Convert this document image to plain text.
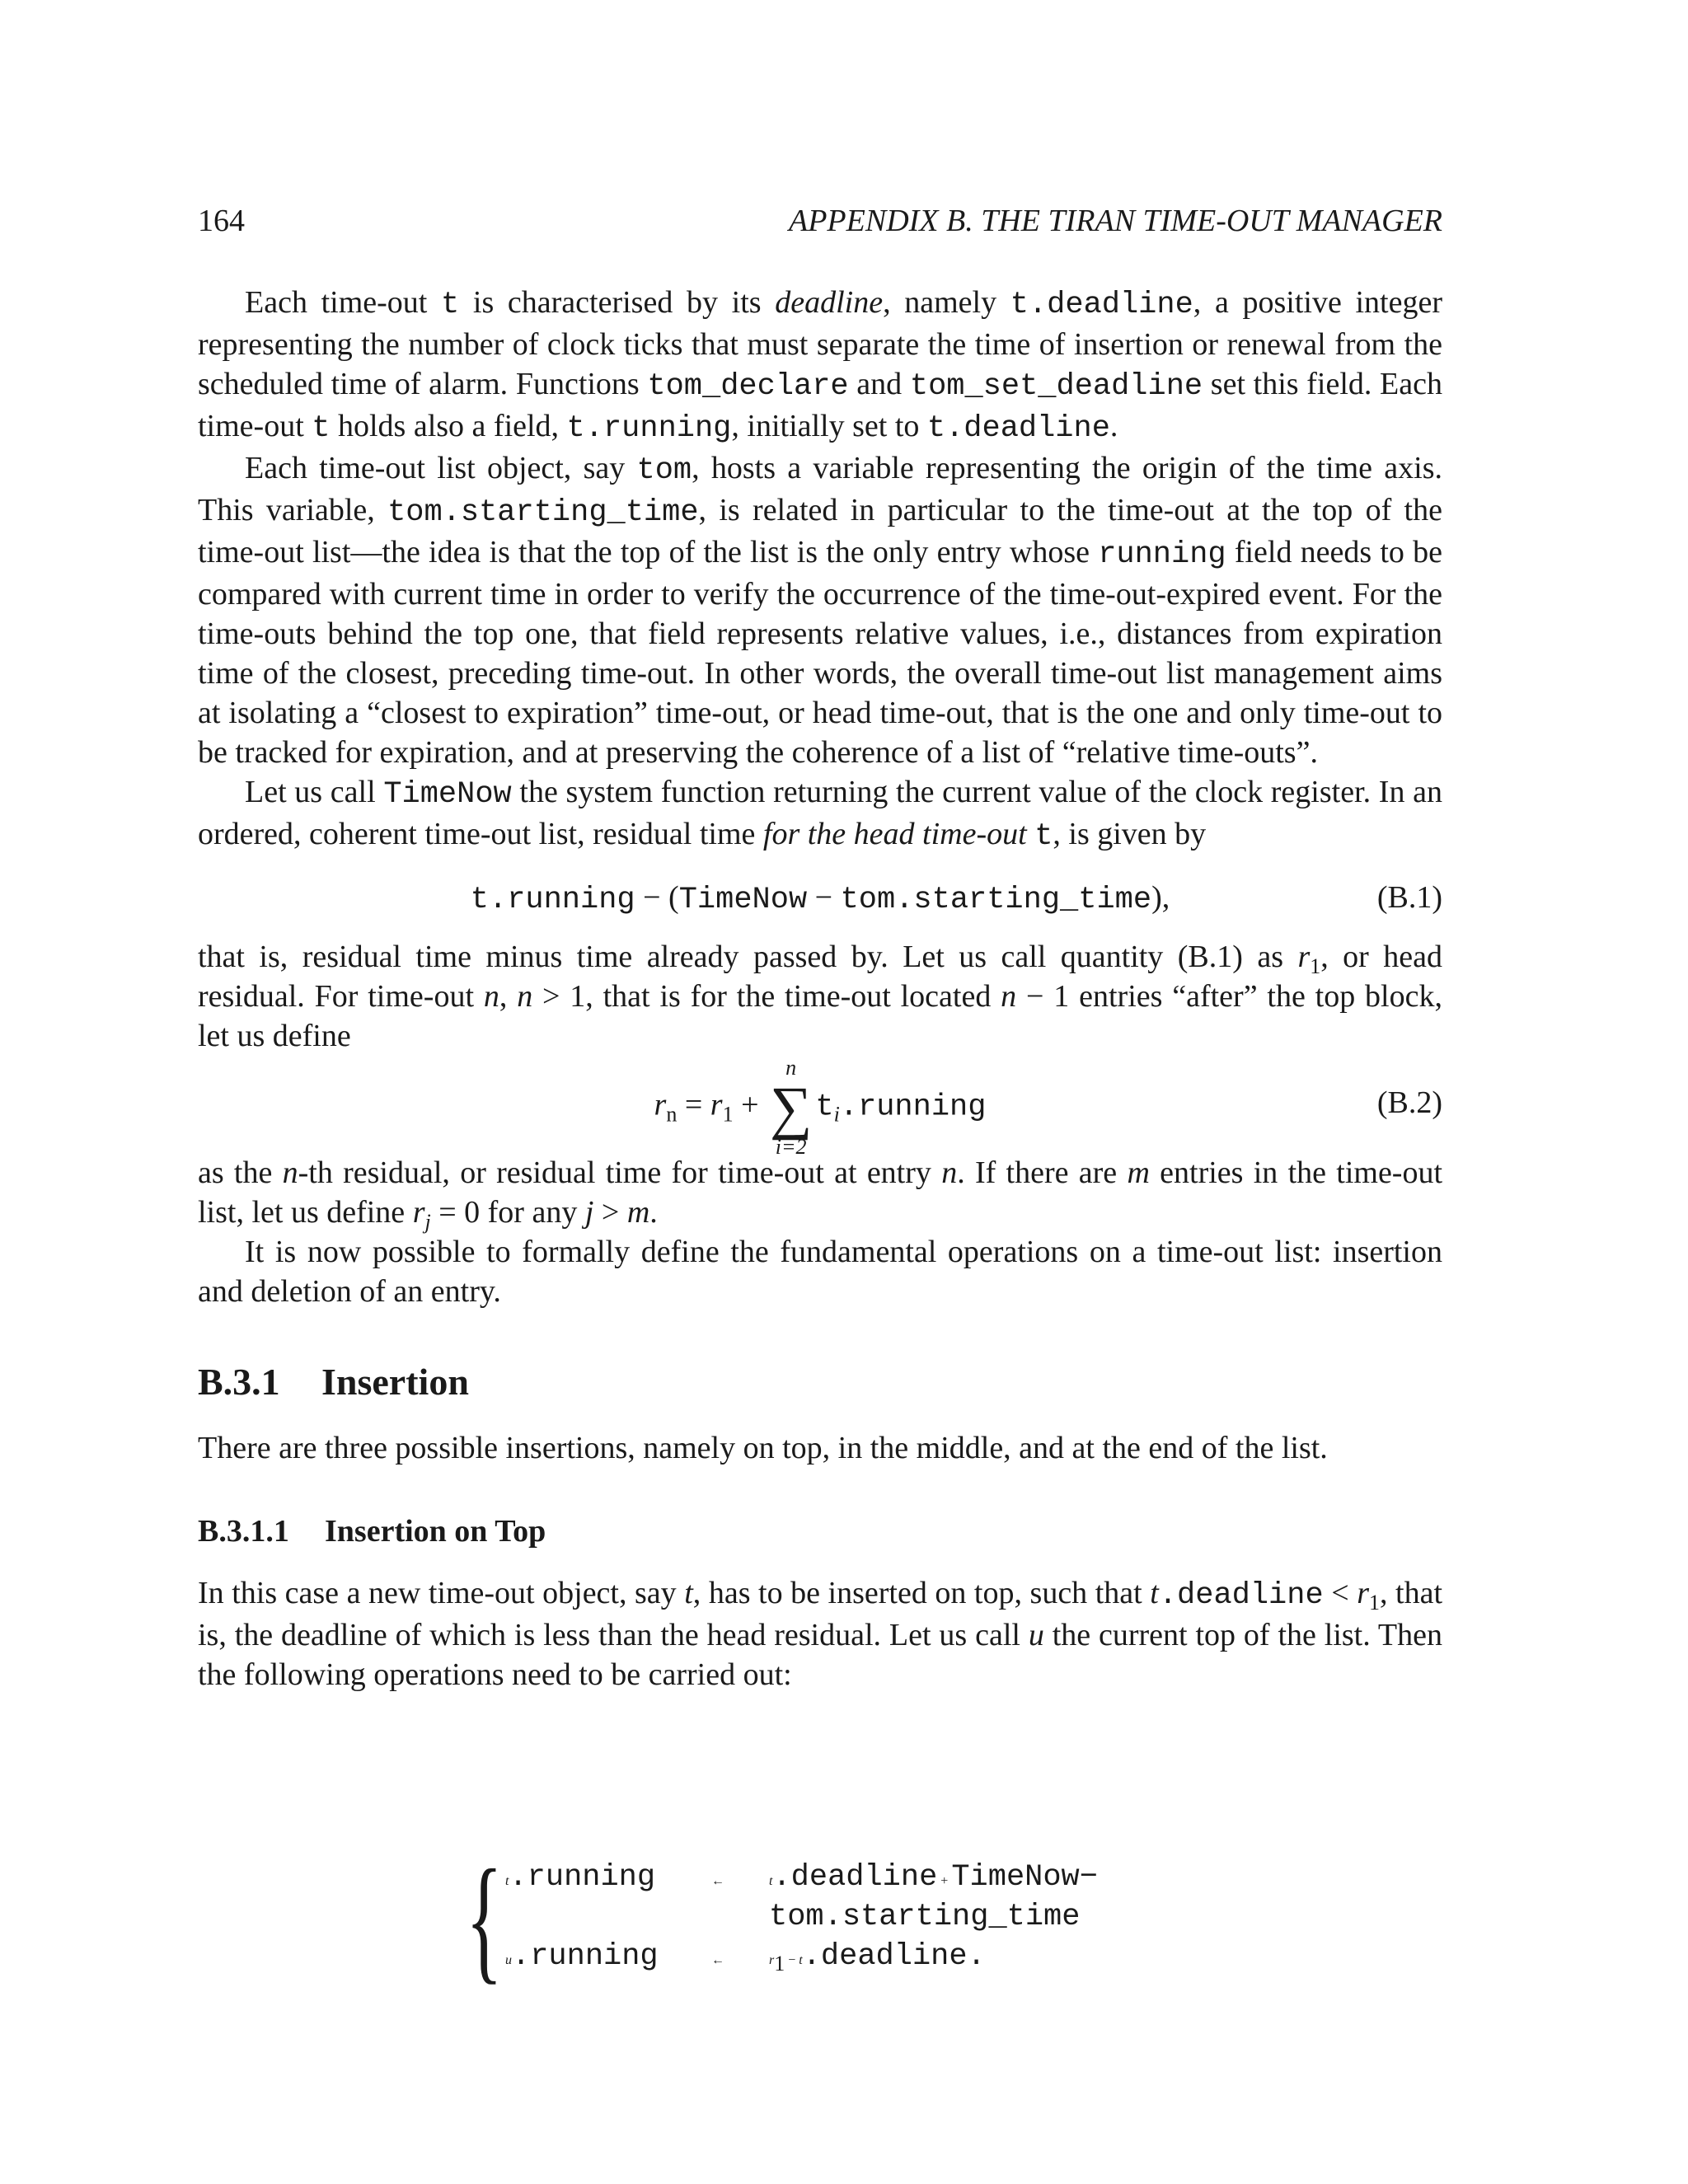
164	APPENDIX B. THE TIRAN TIME-OUT MANAGER

Each time-out t is characterised by its deadline, namely t.deadline, a positive integer representing the number of clock ticks that must separate the time of insertion or renewal from the scheduled time of alarm. Functions tom_declare and tom_set_deadline set this field. Each time-out t holds also a field, t.running, initially set to t.deadline.

Each time-out list object, say tom, hosts a variable representing the origin of the time axis. This variable, tom.starting_time, is related in particular to the time-out at the top of the time-out list—the idea is that the top of the list is the only entry whose running field needs to be compared with current time in order to verify the occurrence of the time-out-expired event. For the time-outs behind the top one, that field represents relative values, i.e., distances from expiration time of the closest, preceding time-out. In other words, the overall time-out list management aims at isolating a “closest to expiration” time-out, or head time-out, that is the one and only time-out to be tracked for expiration, and at preserving the coherence of a list of “relative time-outs”.

Let us call TimeNow the system function returning the current value of the clock register. In an ordered, coherent time-out list, residual time for the head time-out t, is given by

t.running − (TimeNow − tom.starting_time),	(B.1)

that is, residual time minus time already passed by. Let us call quantity (B.1) as $r_1$, or head residual. For time-out n, n > 1, that is for the time-out located n − 1 entries “after” the top block, let us define

$r_n = r_1$ +
n
∑
i=2
$t_i.running$	(B.2)

as the n-th residual, or residual time for time-out at entry n. If there are m entries in the time-out list, let us define $r_j = 0$ for any j > m.

It is now possible to formally define the fundamental operations on a time-out list: insertion and deletion of an entry.

B.3.1 Insertion

There are three possible insertions, namely on top, in the middle, and at the end of the list.

B.3.1.1 Insertion on Top

In this case a new time-out object, say t, has to be inserted on top, such that t.deadline < $r_1$, that is, the deadline of which is less than the head residual. Let us call u the current top of the list. Then the following operations need to be carried out:

{ t.running	←	t.deadline + TimeNow−
tom.starting_time
u.running	←	$r_1$ − t.deadline.
